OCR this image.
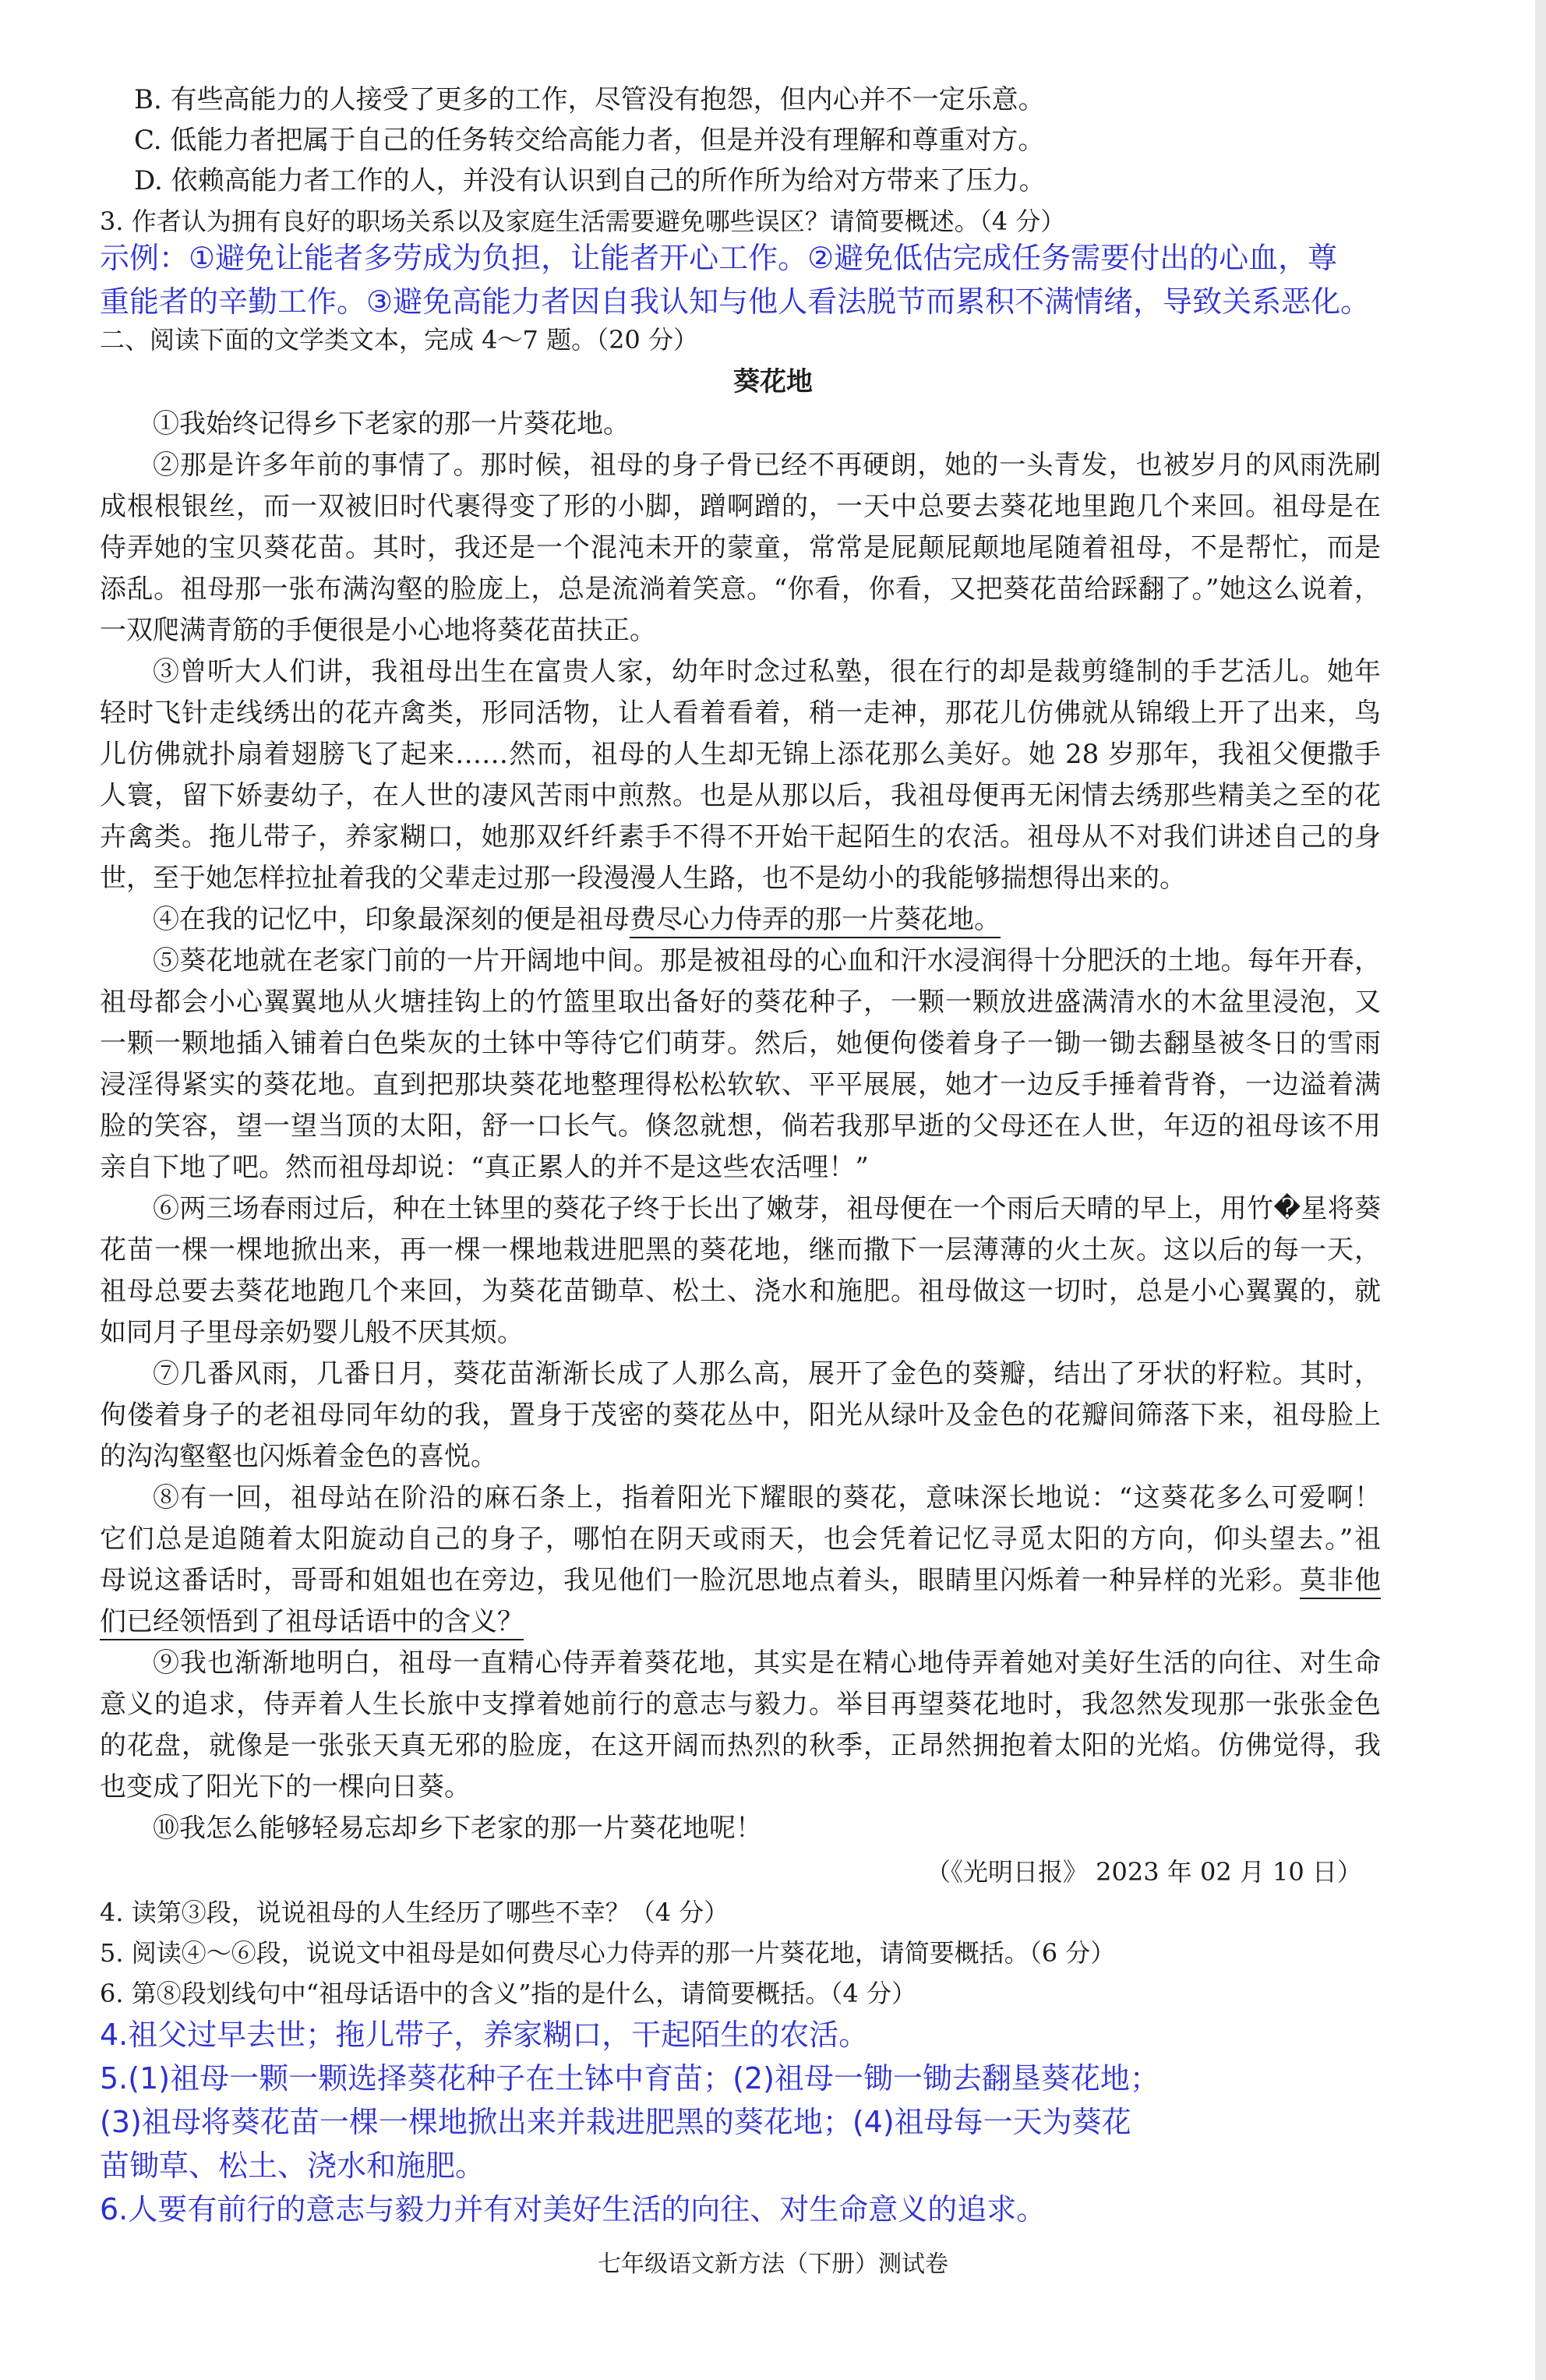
B. 有些高能力的人接受了更多的工作，尽管没有抱怨，但内心并不一定乐意。
C. 低能力者把属于自己的任务转交给高能力者，但是并没有理解和尊重对方。
D. 依赖高能力者工作的人，并没有认识到自己的所作所为给对方带来了压力。
3. 作者认为拥有良好的职场关系以及家庭生活需要避免哪些误区？请简要概述。（4 分）
示例：①避免让能者多劳成为负担，让能者开心工作。②避免低估完成任务需要付出的心血，尊
重能者的辛勤工作。③避免高能力者因自我认知与他人看法脱节而累积不满情绪，导致关系恶化。
二、阅读下面的文学类文本，完成 4～7 题。（20 分）
葵花地
①我始终记得乡下老家的那一片葵花地。
②那是许多年前的事情了。那时候，祖母的身子骨已经不再硬朗，她的一头青发，也被岁月的风雨洗刷
成根根银丝，而一双被旧时代裹得变了形的小脚，蹭啊蹭的，一天中总要去葵花地里跑几个来回。祖母是在
侍弄她的宝贝葵花苗。其时，我还是一个混沌未开的蒙童，常常是屁颠屁颠地尾随着祖母，不是帮忙，而是
添乱。祖母那一张布满沟壑的脸庞上，总是流淌着笑意。“你看，你看，又把葵花苗给踩翻了。”她这么说着，
一双爬满青筋的手便很是小心地将葵花苗扶正。
③曾听大人们讲，我祖母出生在富贵人家，幼年时念过私塾，很在行的却是裁剪缝制的手艺活儿。她年
轻时飞针走线绣出的花卉禽类，形同活物，让人看着看着，稍一走神，那花儿仿佛就从锦缎上开了出来，鸟
儿仿佛就扑扇着翅膀飞了起来……然而，祖母的人生却无锦上添花那么美好。她 28 岁那年，我祖父便撒手
人寰，留下娇妻幼子，在人世的凄风苦雨中煎熬。也是从那以后，我祖母便再无闲情去绣那些精美之至的花
卉禽类。拖儿带子，养家糊口，她那双纤纤素手不得不开始干起陌生的农活。祖母从不对我们讲述自己的身
世，至于她怎样拉扯着我的父辈走过那一段漫漫人生路，也不是幼小的我能够揣想得出来的。
④在我的记忆中，印象最深刻的便是祖母费尽心力侍弄的那一片葵花地。
⑤葵花地就在老家门前的一片开阔地中间。那是被祖母的心血和汗水浸润得十分肥沃的土地。每年开春，
祖母都会小心翼翼地从火塘挂钩上的竹篮里取出备好的葵花种子，一颗一颗放进盛满清水的木盆里浸泡，又
一颗一颗地插入铺着白色柴灰的土钵中等待它们萌芽。然后，她便佝偻着身子一锄一锄去翻垦被冬日的雪雨
浸淫得紧实的葵花地。直到把那块葵花地整理得松松软软、平平展展，她才一边反手捶着背脊，一边溢着满
脸的笑容，望一望当顶的太阳，舒一口长气。倏忽就想，倘若我那早逝的父母还在人世，年迈的祖母该不用
亲自下地了吧。然而祖母却说：“真正累人的并不是这些农活哩！”
⑥两三场春雨过后，种在土钵里的葵花子终于长出了嫩芽，祖母便在一个雨后天晴的早上，用竹�星将葵
花苗一棵一棵地掀出来，再一棵一棵地栽进肥黑的葵花地，继而撒下一层薄薄的火土灰。这以后的每一天，
祖母总要去葵花地跑几个来回，为葵花苗锄草、松土、浇水和施肥。祖母做这一切时，总是小心翼翼的，就
如同月子里母亲奶婴儿般不厌其烦。
⑦几番风雨，几番日月，葵花苗渐渐长成了人那么高，展开了金色的葵瓣，结出了牙状的籽粒。其时，
佝偻着身子的老祖母同年幼的我，置身于茂密的葵花丛中，阳光从绿叶及金色的花瓣间筛落下来，祖母脸上
的沟沟壑壑也闪烁着金色的喜悦。
⑧有一回，祖母站在阶沿的麻石条上，指着阳光下耀眼的葵花，意味深长地说：“这葵花多么可爱啊！
它们总是追随着太阳旋动自己的身子，哪怕在阴天或雨天，也会凭着记忆寻觅太阳的方向，仰头望去。”祖
母说这番话时，哥哥和姐姐也在旁边，我见他们一脸沉思地点着头，眼睛里闪烁着一种异样的光彩。莫非他
们已经领悟到了祖母话语中的含义？
⑨我也渐渐地明白，祖母一直精心侍弄着葵花地，其实是在精心地侍弄着她对美好生活的向往、对生命
意义的追求，侍弄着人生长旅中支撑着她前行的意志与毅力。举目再望葵花地时，我忽然发现那一张张金色
的花盘，就像是一张张天真无邪的脸庞，在这开阔而热烈的秋季，正昂然拥抱着太阳的光焰。仿佛觉得，我
也变成了阳光下的一棵向日葵。
⑩我怎么能够轻易忘却乡下老家的那一片葵花地呢！
（《光明日报》 2023 年 02 月 10 日）
4. 读第③段，说说祖母的人生经历了哪些不幸？（4 分）
5. 阅读④～⑥段，说说文中祖母是如何费尽心力侍弄的那一片葵花地，请简要概括。（6 分）
6. 第⑧段划线句中“祖母话语中的含义”指的是什么，请简要概括。（4 分）
4.祖父过早去世；拖儿带子，养家糊口，干起陌生的农活。
5.(1)祖母一颗一颗选择葵花种子在土钵中育苗；(2)祖母一锄一锄去翻垦葵花地；
(3)祖母将葵花苗一棵一棵地掀出来并栽进肥黑的葵花地；(4)祖母每一天为葵花
苗锄草、松土、浇水和施肥。
6.人要有前行的意志与毅力并有对美好生活的向往、对生命意义的追求。
七年级语文新方法（下册）测试卷
